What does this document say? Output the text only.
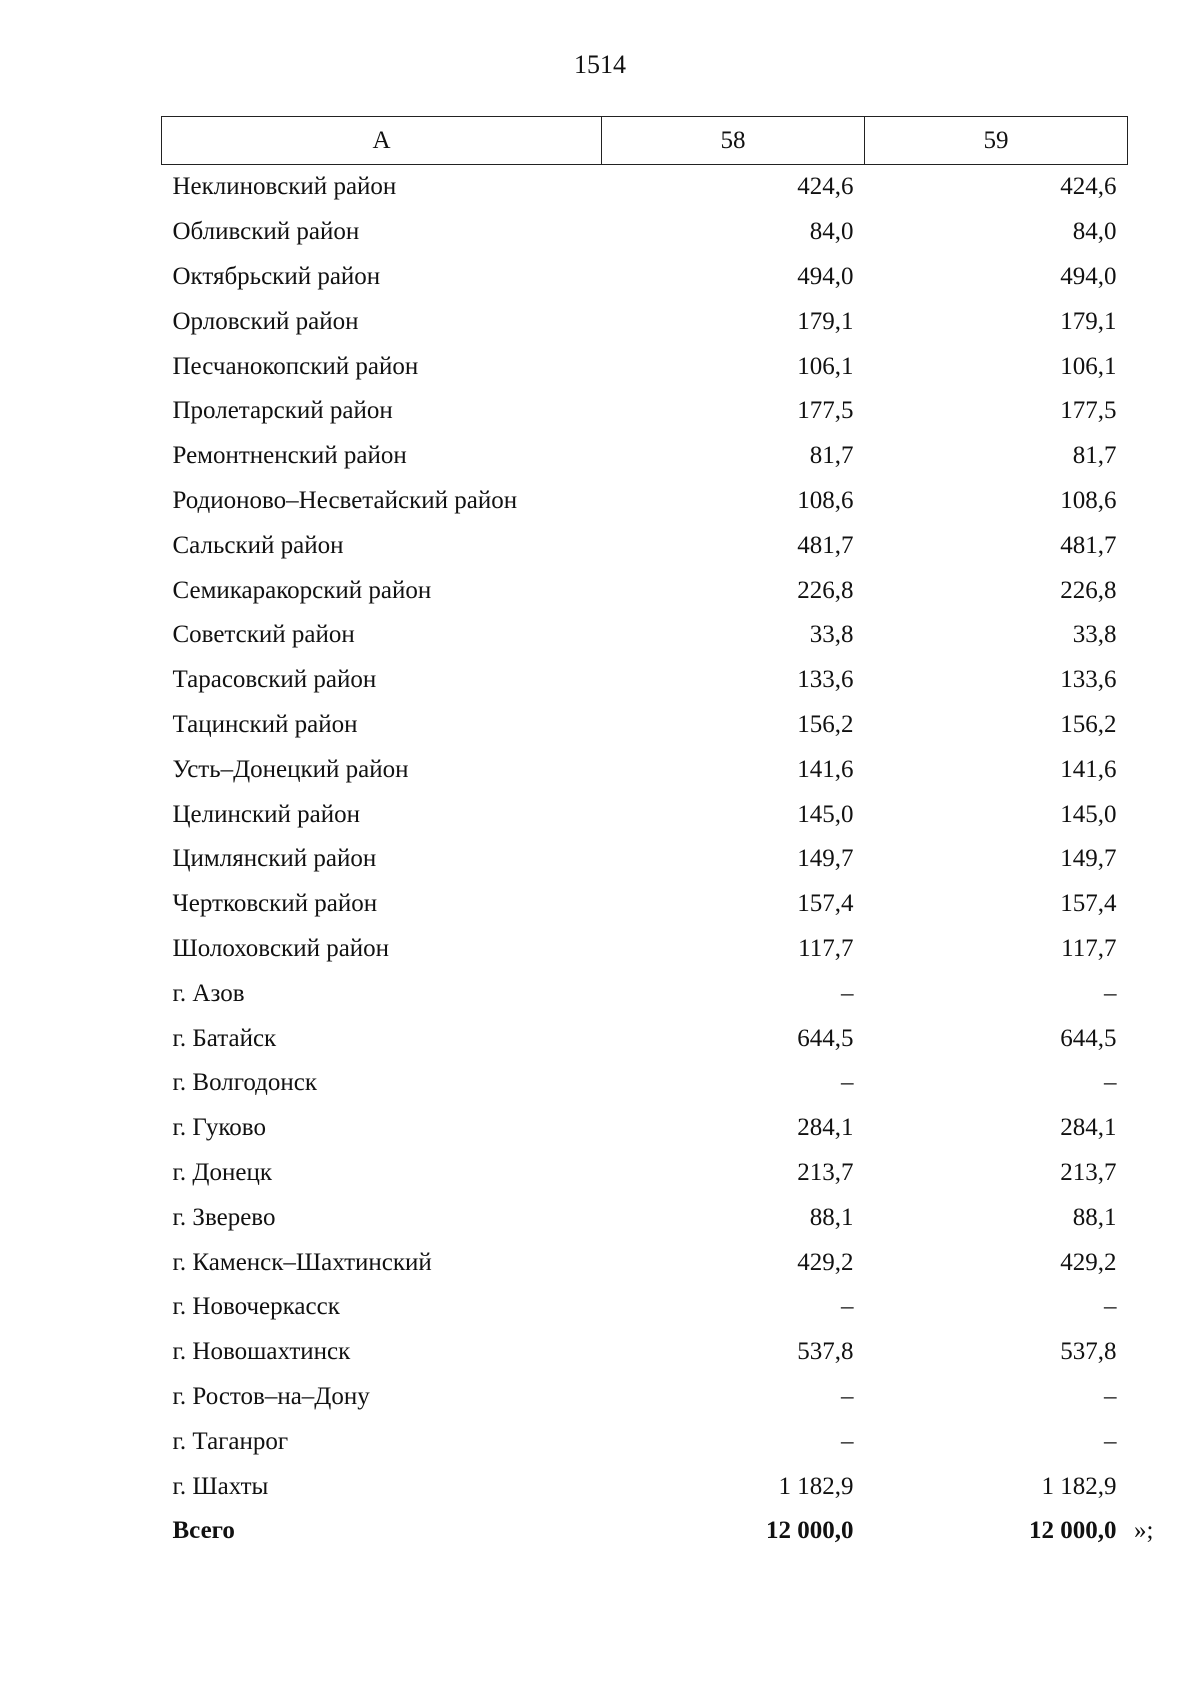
1514
А	58	59
Неклиновский район	424,6	424,6
Обливский район	84,0	84,0
Октябрьский район	494,0	494,0
Орловский район	179,1	179,1
Песчанокопский район	106,1	106,1
Пролетарский район	177,5	177,5
Ремонтненский район	81,7	81,7
Родионово–Несветайский район	108,6	108,6
Сальский район	481,7	481,7
Семикаракорский район	226,8	226,8
Советский район	33,8	33,8
Тарасовский район	133,6	133,6
Тацинский район	156,2	156,2
Усть–Донецкий район	141,6	141,6
Целинский район	145,0	145,0
Цимлянский район	149,7	149,7
Чертковский район	157,4	157,4
Шолоховский район	117,7	117,7
г. Азов	–	–
г. Батайск	644,5	644,5
г. Волгодонск	–	–
г. Гуково	284,1	284,1
г. Донецк	213,7	213,7
г. Зверево	88,1	88,1
г. Каменск–Шахтинский	429,2	429,2
г. Новочеркасск	–	–
г. Новошахтинск	537,8	537,8
г. Ростов–на–Дону	–	–
г. Таганрог	–	–
г. Шахты	1 182,9	1 182,9
Всего	12 000,0	12 000,0 »;
